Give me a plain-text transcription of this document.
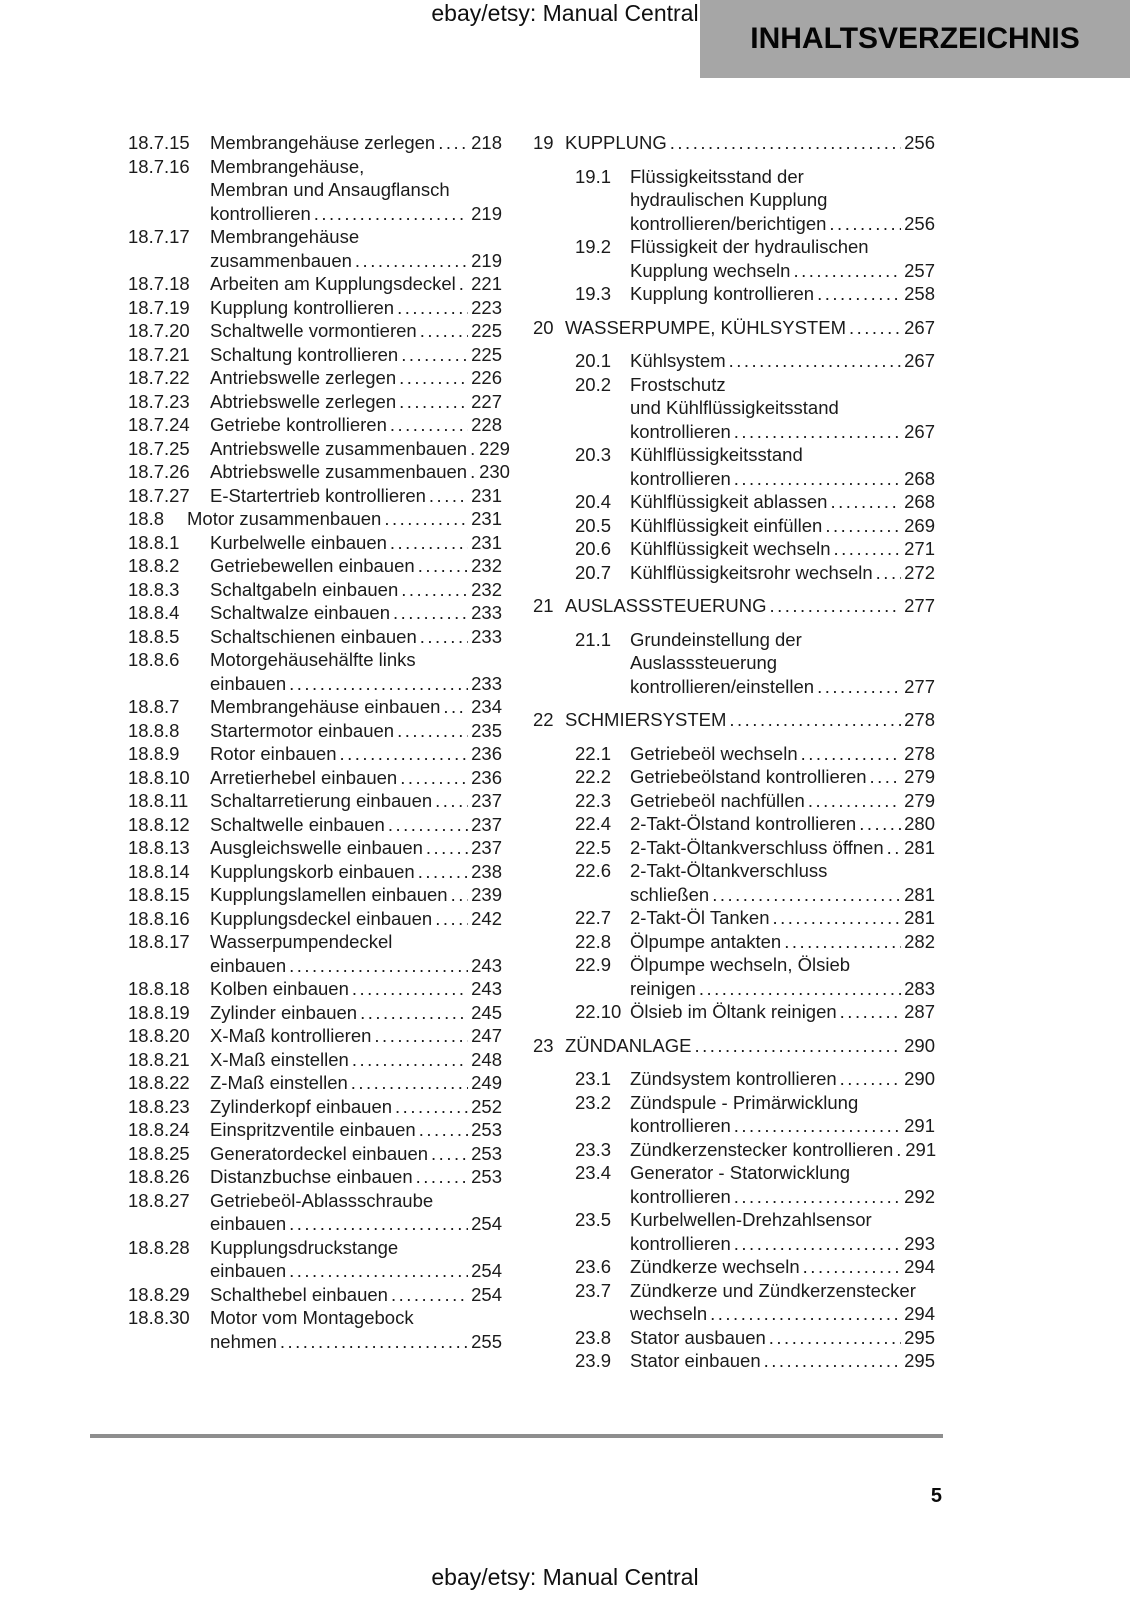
ebay/etsy: Manual Central
INHALTSVERZEICHNIS
18.7.15	Membrangehäuse zerlegen ..... 218
18.7.16	Membrangehäuse,
Membran und Ansaugflansch
kontrollieren .....	219
18.7.17	Membrangehäuse
zusammenbauen .....	219
18.7.18	Arbeiten am Kupplungsdeckel ..... 221
18.7.19	Kupplung kontrollieren .....	223
18.7.20	Schaltwelle vormontieren .....	225
18.7.21	Schaltung kontrollieren .....	225
18.7.22	Antriebswelle zerlegen .....	226
18.7.23	Abtriebswelle zerlegen .....	227
18.7.24	Getriebe kontrollieren .....	228
18.7.25	Antriebswelle zusammenbauen ..... 229
18.7.26	Abtriebswelle zusammenbauen ..... 230
18.7.27	E-Startertrieb kontrollieren ..... 231
18.8	Motor zusammenbauen .....	231
18.8.1	Kurbelwelle einbauen .....	231
18.8.2	Getriebewellen einbauen .....	232
18.8.3	Schaltgabeln einbauen .....	232
18.8.4	Schaltwalze einbauen .....	233
18.8.5	Schaltschienen einbauen .....	233
18.8.6	Motorgehäusehälfte links
einbauen .....	233
18.8.7	Membrangehäuse einbauen ..... 234
18.8.8	Startermotor einbauen .....	235
18.8.9	Rotor einbauen .....	236
18.8.10	Arretierhebel einbauen .....	236
18.8.11	Schaltarretierung einbauen ..... 237
18.8.12	Schaltwelle einbauen .....	237
18.8.13	Ausgleichswelle einbauen .....	237
18.8.14	Kupplungskorb einbauen .....	238
18.8.15	Kupplungslamellen einbauen ..... 239
18.8.16	Kupplungsdeckel einbauen ..... 242
18.8.17	Wasserpumpendeckel
einbauen .....	243
18.8.18	Kolben einbauen .....	243
18.8.19	Zylinder einbauen .....	245
18.8.20	X-Maß kontrollieren .....	247
18.8.21	X-Maß einstellen .....	248
18.8.22	Z-Maß einstellen .....	249
18.8.23	Zylinderkopf einbauen .....	252
18.8.24	Einspritzventile einbauen .....	253
18.8.25	Generatordeckel einbauen ..... 253
18.8.26	Distanzbuchse einbauen .....	253
18.8.27	Getriebeöl-Ablassschraube
einbauen .....	254
18.8.28	Kupplungsdruckstange
einbauen .....	254
18.8.29	Schalthebel einbauen .....	254
18.8.30	Motor vom Montagebock
nehmen .....	255
19 KUPPLUNG .....	256
19.1	Flüssigkeitsstand der
hydraulischen Kupplung
kontrollieren/berichtigen .....	256
19.2	Flüssigkeit der hydraulischen
Kupplung wechseln .....	257
19.3	Kupplung kontrollieren .....	258
20 WASSERPUMPE, KÜHLSYSTEM .....	267
20.1	Kühlsystem .....	267
20.2	Frostschutz
und Kühlflüssigkeitsstand
kontrollieren .....	267
20.3	Kühlflüssigkeitsstand
kontrollieren .....	268
20.4	Kühlflüssigkeit ablassen .....	268
20.5	Kühlflüssigkeit einfüllen .....	269
20.6	Kühlflüssigkeit wechseln .....	271
20.7	Kühlflüssigkeitsrohr wechseln ..... 272
21 AUSLASSSTEUERUNG .....	277
21.1	Grundeinstellung der
Auslasssteuerung
kontrollieren/einstellen .....	277
22 SCHMIERSYSTEM .....	278
22.1	Getriebeöl wechseln .....	278
22.2	Getriebeölstand kontrollieren ..... 279
22.3	Getriebeöl nachfüllen .....	279
22.4	2-Takt-Ölstand kontrollieren .....	280
22.5	2-Takt-Öltankverschluss öffnen ..... 281
22.6	2-Takt-Öltankverschluss
schließen .....	281
22.7	2-Takt-Öl Tanken .....	281
22.8	Ölpumpe antakten .....	282
22.9	Ölpumpe wechseln, Ölsieb
reinigen .....	283
22.10 Ölsieb im Öltank reinigen .....	287
23 ZÜNDANLAGE .....	290
23.1	Zündsystem kontrollieren .....	290
23.2	Zündspule - Primärwicklung
kontrollieren .....	291
23.3	Zündkerzenstecker kontrollieren ..... 291
23.4	Generator - Statorwicklung
kontrollieren .....	292
23.5	Kurbelwellen-Drehzahlsensor
kontrollieren .....	293
23.6	Zündkerze wechseln .....	294
23.7	Zündkerze und Zündkerzenstecker
wechseln .....	294
23.8	Stator ausbauen .....	295
23.9	Stator einbauen .....	295
5
ebay/etsy: Manual Central
